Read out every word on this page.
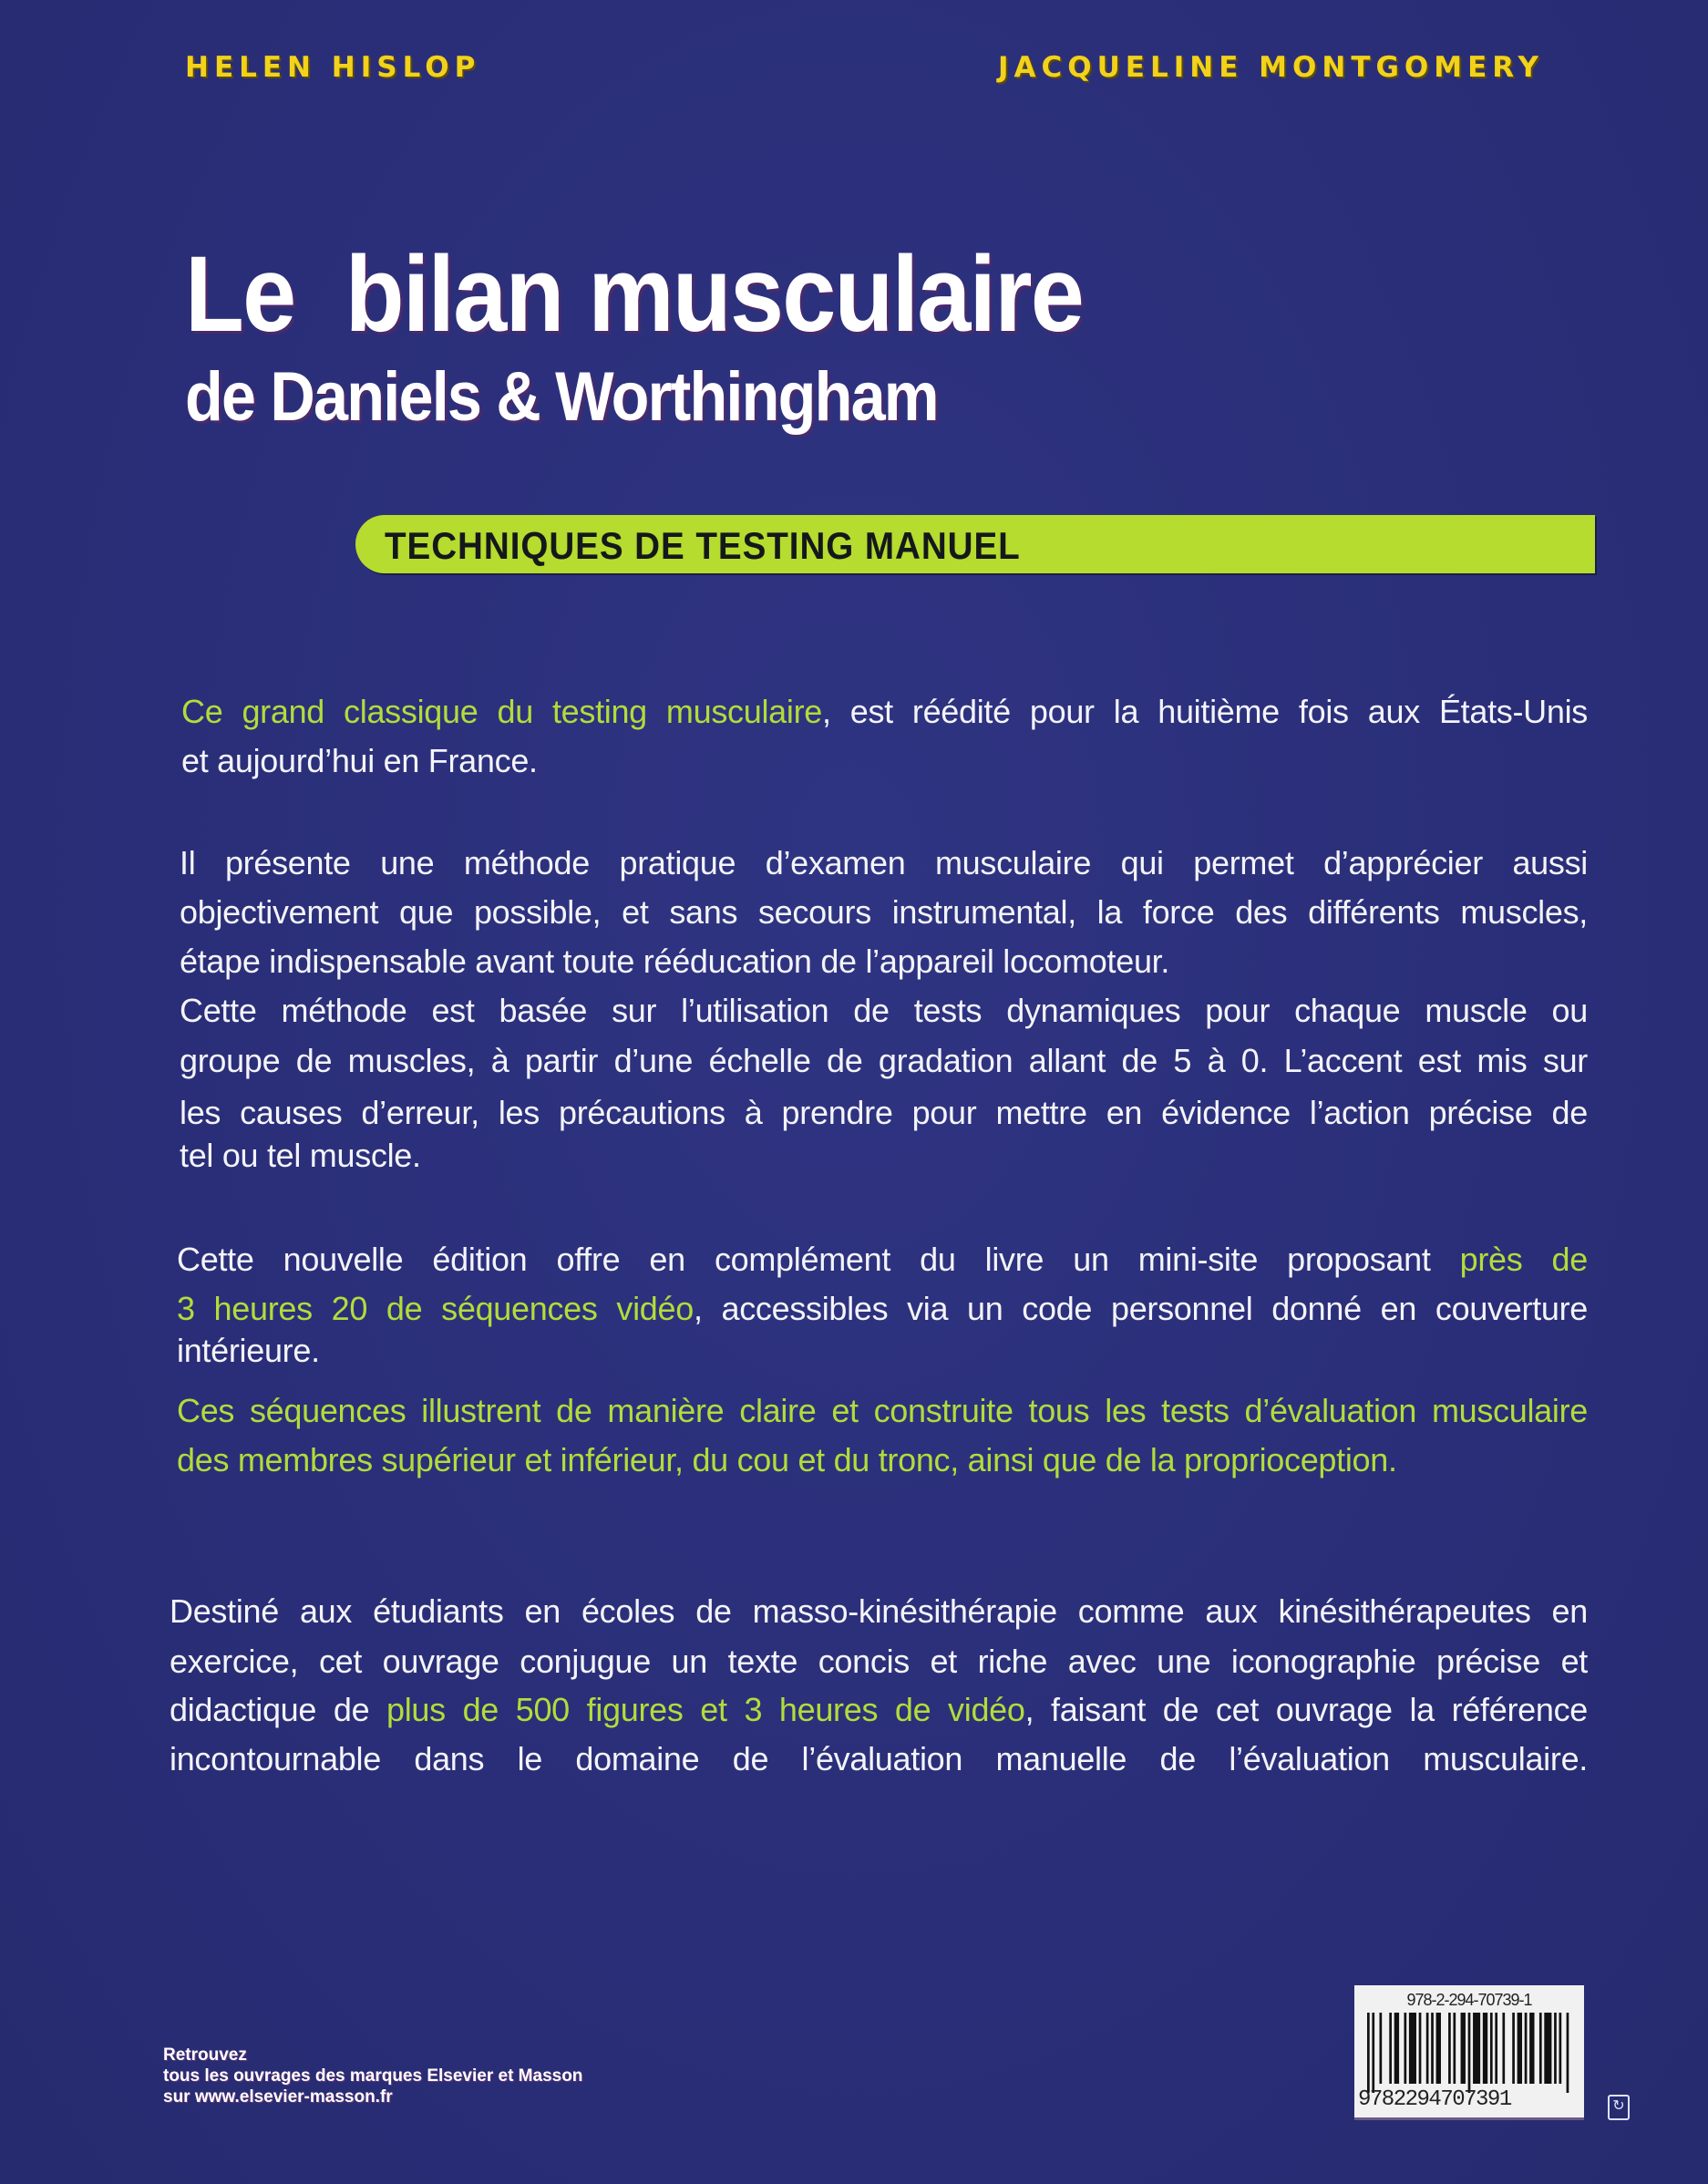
HELEN HISLOP	JACQUELINE MONTGOMERY
Le  bilan musculaire
de Daniels & Worthingham
TECHNIQUES DE TESTING MANUEL
Ce grand classique du testing musculaire, est réédité pour la huitième fois aux États-Unis
et aujourd’hui en France.
Il présente une méthode pratique d’examen musculaire qui permet d’apprécier aussi
objectivement que possible, et sans secours instrumental, la force des différents muscles,
étape indispensable avant toute rééducation de l’appareil locomoteur.
Cette méthode est basée sur l’utilisation de tests dynamiques pour chaque muscle ou
groupe de muscles, à partir d’une échelle de gradation allant de 5 à 0. L’accent est mis sur
les causes d’erreur, les précautions à prendre pour mettre en évidence l’action précise de
tel ou tel muscle.
Cette nouvelle édition offre en complément du livre un mini-site proposant près de
3 heures 20 de séquences vidéo, accessibles via un code personnel donné en couverture
intérieure.
Ces séquences illustrent de manière claire et construite tous les tests d’évaluation musculaire
des membres supérieur et inférieur, du cou et du tronc, ainsi que de la proprioception.
Destiné aux étudiants en écoles de masso-kinésithérapie comme aux kinésithérapeutes en
exercice, cet ouvrage conjugue un texte concis et riche avec une iconographie précise et
didactique de plus de 500 figures et 3 heures de vidéo, faisant de cet ouvrage la référence
incontournable dans le domaine de l’évaluation manuelle de l’évaluation musculaire.
Retrouvez
tous les ouvrages des marques Elsevier et Masson
sur www.elsevier-masson.fr
978-2-294-70739-1
9782294707391	↻
